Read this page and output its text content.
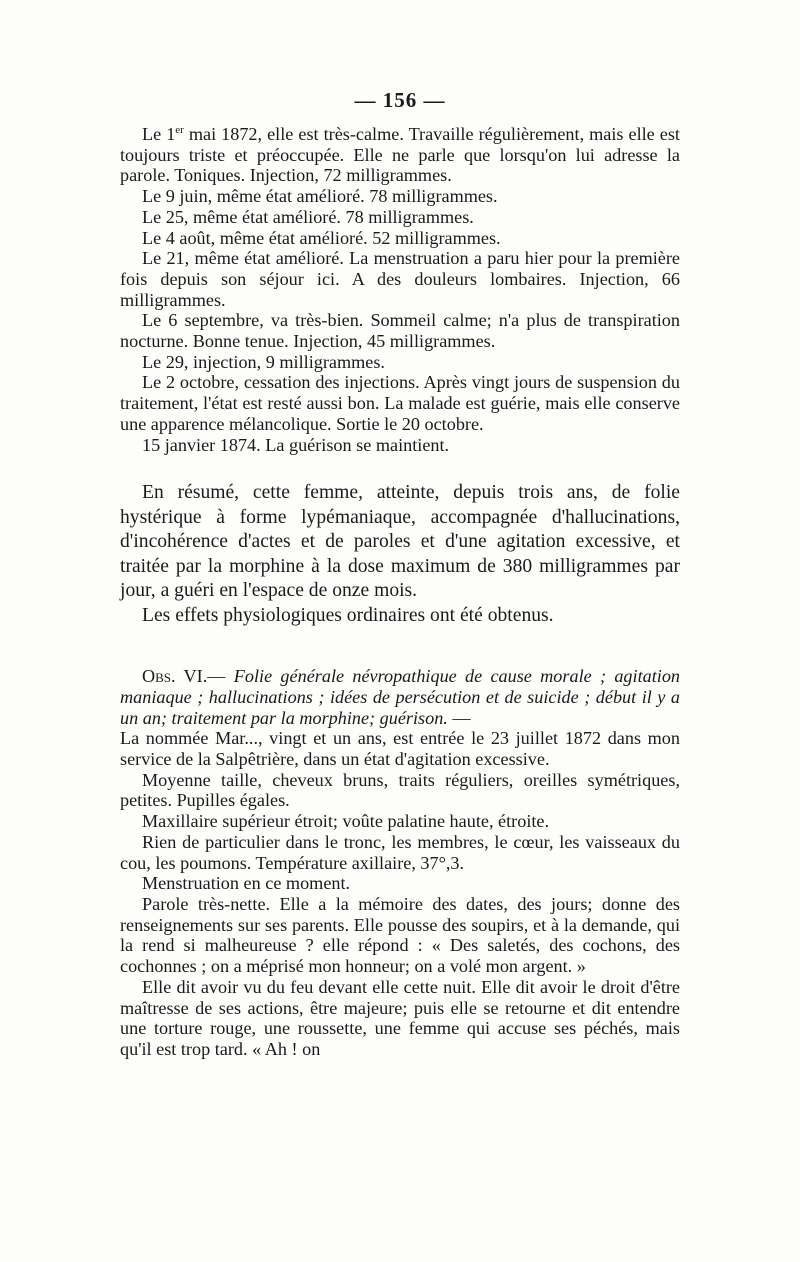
— 156 —

Le 1er mai 1872, elle est très-calme. Travaille régulièrement, mais elle est toujours triste et préoccupée. Elle ne parle que lorsqu'on lui adresse la parole. Toniques. Injection, 72 milligrammes.

Le 9 juin, même état amélioré. 78 milligrammes.

Le 25, même état amélioré. 78 milligrammes.

Le 4 août, même état amélioré. 52 milligrammes.

Le 21, même état amélioré. La menstruation a paru hier pour la première fois depuis son séjour ici. A des douleurs lombaires. Injection, 66 milligrammes.

Le 6 septembre, va très-bien. Sommeil calme; n'a plus de transpiration nocturne. Bonne tenue. Injection, 45 milligrammes.

Le 29, injection, 9 milligrammes.

Le 2 octobre, cessation des injections. Après vingt jours de suspension du traitement, l'état est resté aussi bon. La malade est guérie, mais elle conserve une apparence mélancolique. Sortie le 20 octobre.

15 janvier 1874. La guérison se maintient.

En résumé, cette femme, atteinte, depuis trois ans, de folie hystérique à forme lypémaniaque, accompagnée d'hallucinations, d'incohérence d'actes et de paroles et d'une agitation excessive, et traitée par la morphine à la dose maximum de 380 milligrammes par jour, a guéri en l'espace de onze mois.

Les effets physiologiques ordinaires ont été obtenus.

Obs. VI.— Folie générale névropathique de cause morale ; agitation maniaque ; hallucinations ; idées de persécution et de suicide ; début il y a un an; traitement par la morphine; guérison. —

La nommée Mar..., vingt et un ans, est entrée le 23 juillet 1872 dans mon service de la Salpêtrière, dans un état d'agitation excessive.

Moyenne taille, cheveux bruns, traits réguliers, oreilles symétriques, petites. Pupilles égales.

Maxillaire supérieur étroit; voûte palatine haute, étroite.

Rien de particulier dans le tronc, les membres, le cœur, les vaisseaux du cou, les poumons. Température axillaire, 37°,3.

Menstruation en ce moment.

Parole très-nette. Elle a la mémoire des dates, des jours; donne des renseignements sur ses parents. Elle pousse des soupirs, et à la demande, qui la rend si malheureuse ? elle répond : « Des saletés, des cochons, des cochonnes ; on a méprisé mon honneur; on a volé mon argent. »

Elle dit avoir vu du feu devant elle cette nuit. Elle dit avoir le droit d'être maîtresse de ses actions, être majeure; puis elle se retourne et dit entendre une torture rouge, une roussette, une femme qui accuse ses péchés, mais qu'il est trop tard. « Ah ! on
